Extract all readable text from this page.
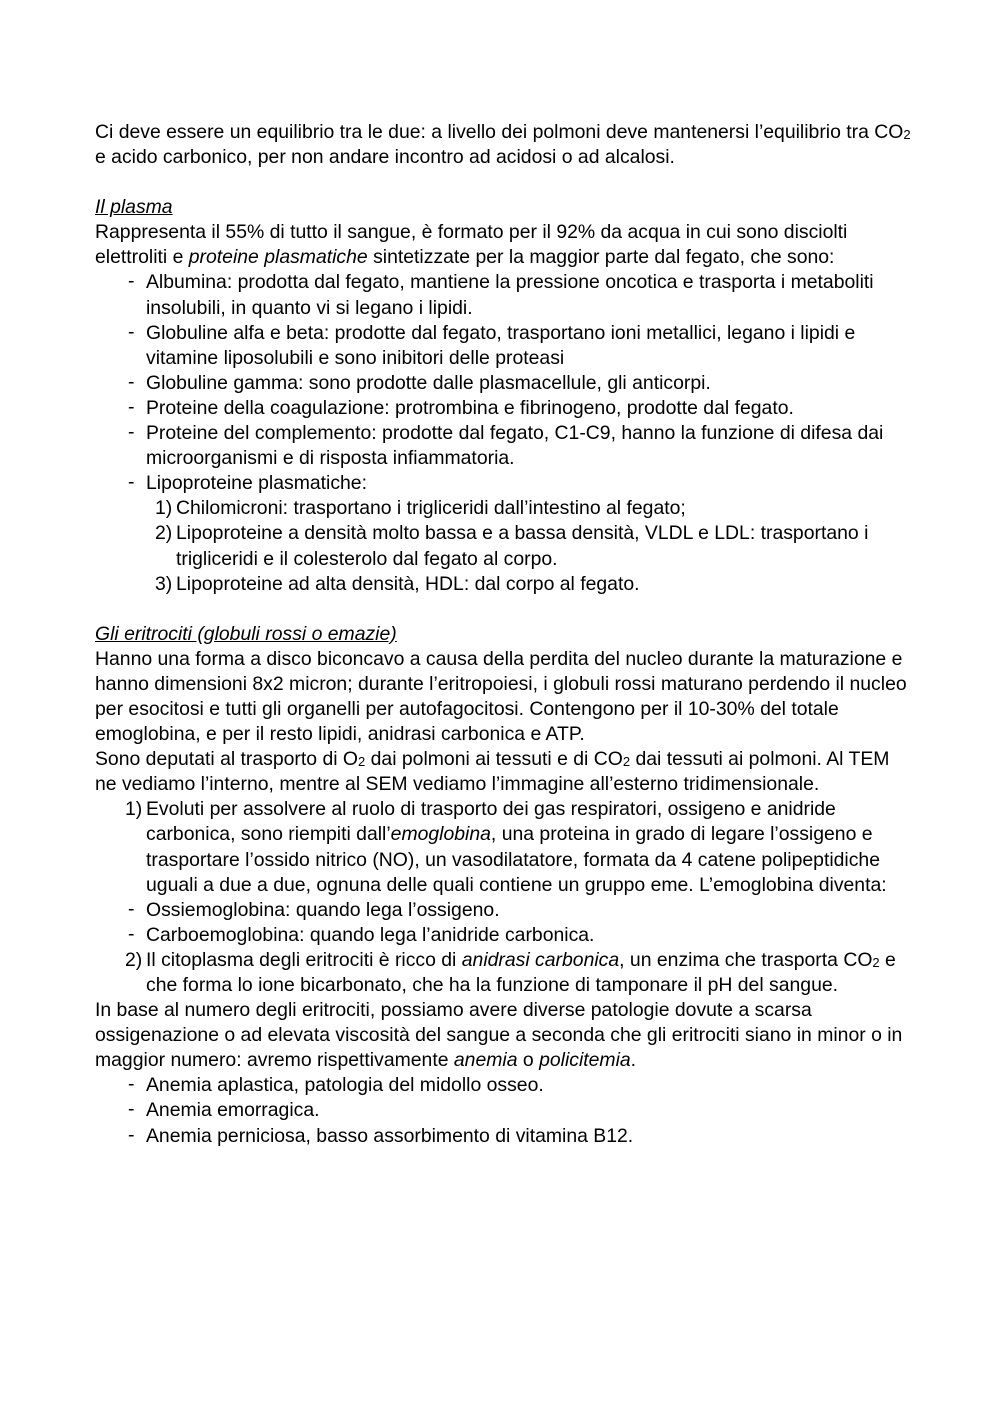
Ci deve essere un equilibrio tra le due: a livello dei polmoni deve mantenersi l’equilibrio tra $CO_2$ e acido carbonico, per non andare incontro ad acidosi o ad alcalosi.

Il plasma

Rappresenta il 55% di tutto il sangue, è formato per il 92% da acqua in cui sono disciolti elettroliti e proteine plasmatiche sintetizzate per la maggior parte dal fegato, che sono:

- Albumina: prodotta dal fegato, mantiene la pressione oncotica e trasporta i metaboliti insolubili, in quanto vi si legano i lipidi.

- Globuline alfa e beta: prodotte dal fegato, trasportano ioni metallici, legano i lipidi e vitamine liposolubili e sono inibitori delle proteasi

- Globuline gamma: sono prodotte dalle plasmacellule, gli anticorpi.

- Proteine della coagulazione: protrombina e fibrinogeno, prodotte dal fegato.

- Proteine del complemento: prodotte dal fegato, C1-C9, hanno la funzione di difesa dai microorganismi e di risposta infiammatoria.

- Lipoproteine plasmatiche:

1) Chilomicroni: trasportano i trigliceridi dall’intestino al fegato;

2) Lipoproteine a densità molto bassa e a bassa densità, VLDL e LDL: trasportano i trigliceridi e il colesterolo dal fegato al corpo.

3) Lipoproteine ad alta densità, HDL: dal corpo al fegato.

Gli eritrociti (globuli rossi o emazie)

Hanno una forma a disco biconcavo a causa della perdita del nucleo durante la maturazione e hanno dimensioni 8x2 micron; durante l’eritropoiesi, i globuli rossi maturano perdendo il nucleo per esocitosi e tutti gli organelli per autofagocitosi. Contengono per il 10-30% del totale emoglobina, e per il resto lipidi, anidrasi carbonica e ATP.

Sono deputati al trasporto di $O_2$ dai polmoni ai tessuti e di $CO_2$ dai tessuti ai polmoni. Al TEM ne vediamo l’interno, mentre al SEM vediamo l’immagine all’esterno tridimensionale.

1) Evoluti per assolvere al ruolo di trasporto dei gas respiratori, ossigeno e anidride carbonica, sono riempiti dall’emoglobina, una proteina in grado di legare l’ossigeno e trasportare l’ossido nitrico (NO), un vasodilatatore, formata da 4 catene polipeptidiche uguali a due a due, ognuna delle quali contiene un gruppo eme. L’emoglobina diventa:

- Ossiemoglobina: quando lega l’ossigeno.

- Carboemoglobina: quando lega l’anidride carbonica.

2) Il citoplasma degli eritrociti è ricco di anidrasi carbonica, un enzima che trasporta $CO_2$ e che forma lo ione bicarbonato, che ha la funzione di tamponare il pH del sangue.

In base al numero degli eritrociti, possiamo avere diverse patologie dovute a scarsa ossigenazione o ad elevata viscosità del sangue a seconda che gli eritrociti siano in minor o in maggior numero: avremo rispettivamente anemia o policitemia.

- Anemia aplastica, patologia del midollo osseo.

- Anemia emorragica.

- Anemia perniciosa, basso assorbimento di vitamina B12.
